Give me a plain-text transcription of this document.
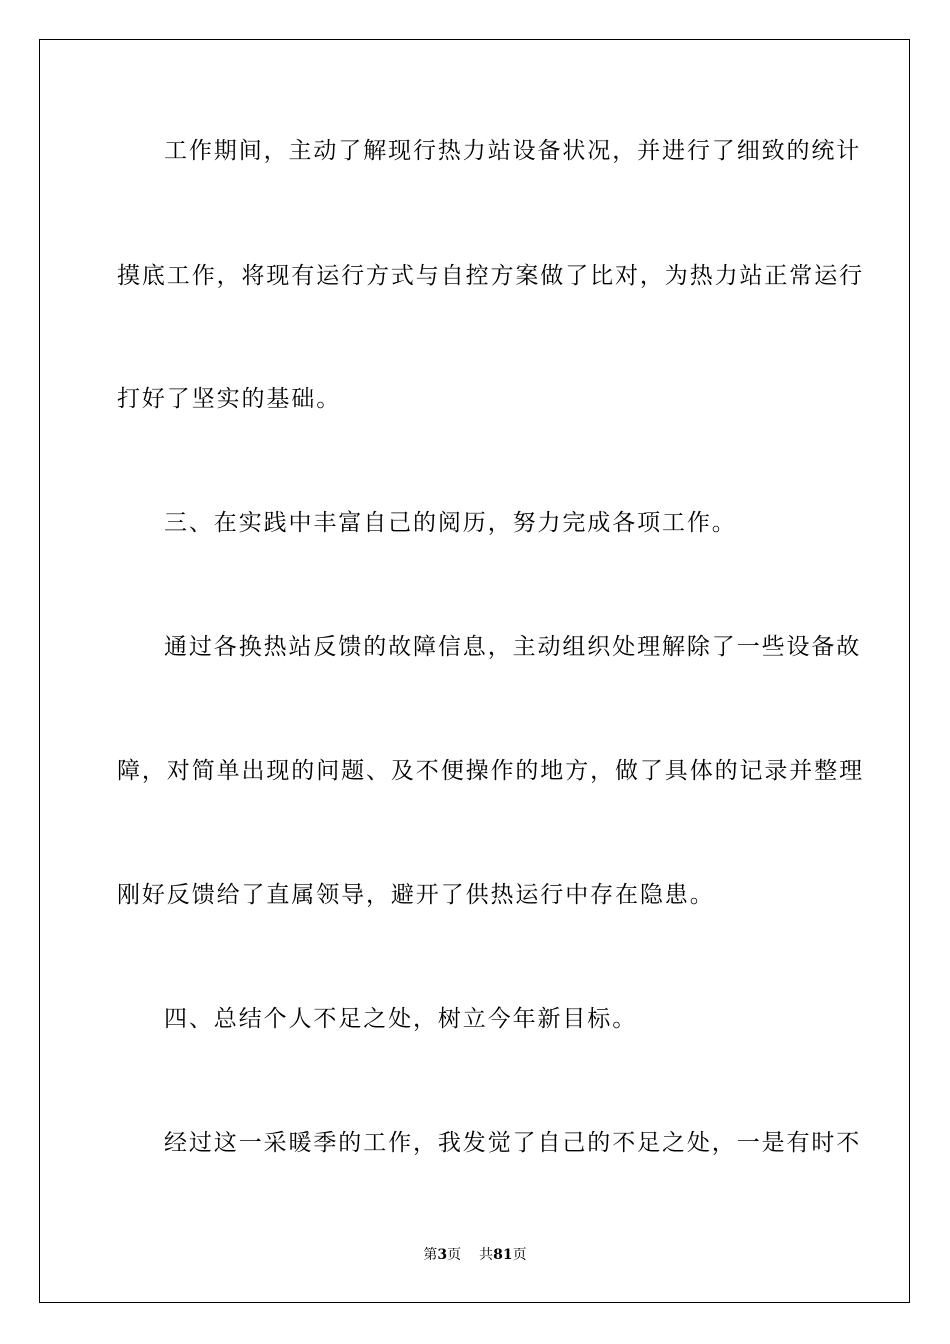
工作期间，主动了解现行热力站设备状况，并进行了细致的统计
摸底工作，将现有运行方式与自控方案做了比对，为热力站正常运行
打好了坚实的基础。
三、在实践中丰富自己的阅历，努力完成各项工作。
通过各换热站反馈的故障信息，主动组织处理解除了一些设备故
障，对简单出现的问题、及不便操作的地方，做了具体的记录并整理
刚好反馈给了直属领导，避开了供热运行中存在隐患。
四、总结个人不足之处，树立今年新目标。
经过这一采暖季的工作，我发觉了自己的不足之处，一是有时不
第3页 共81页
